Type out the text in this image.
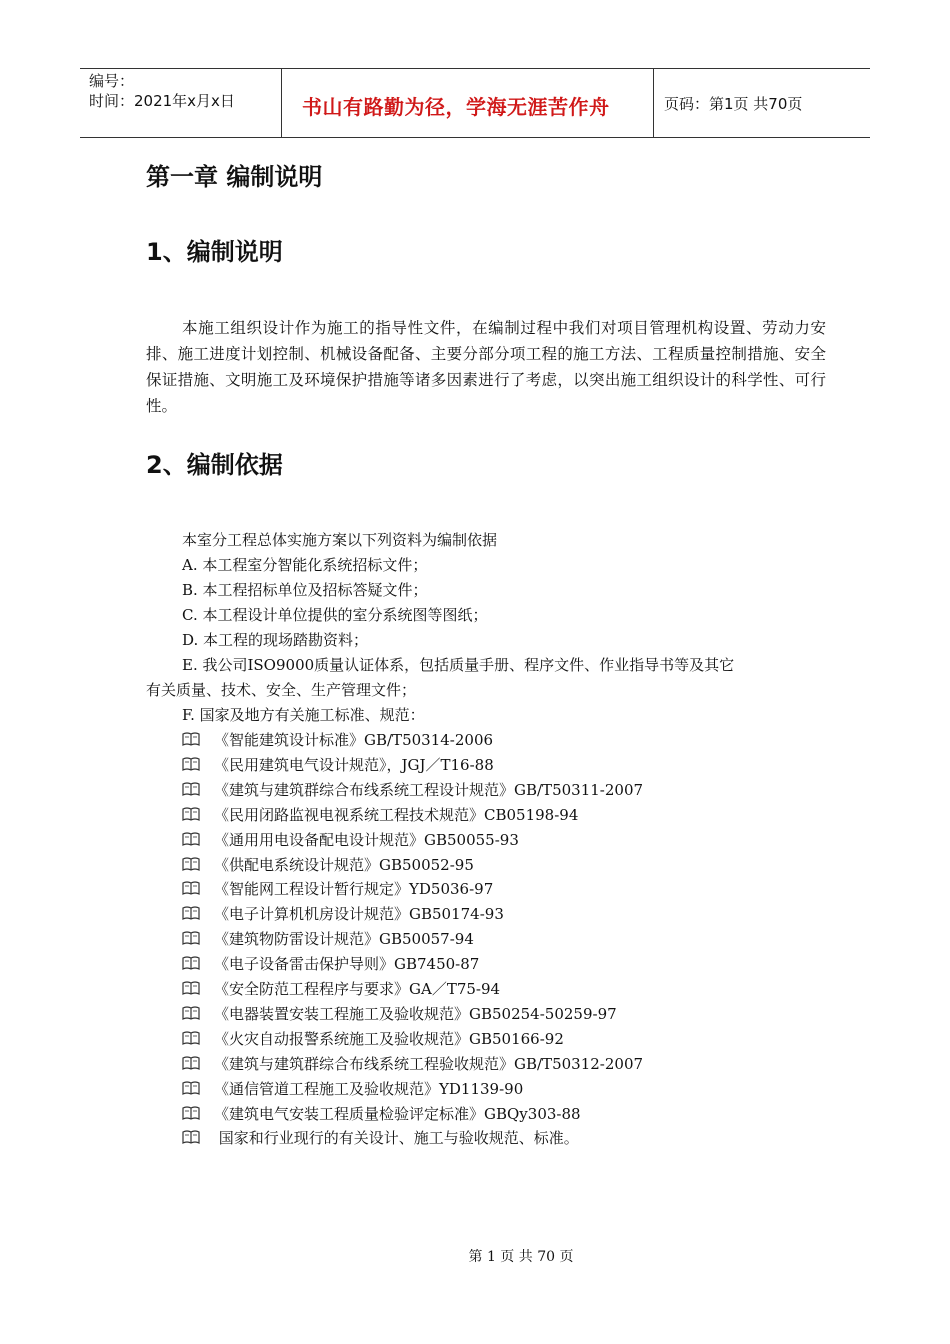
编号：
时间：2021年x月x日	书山有路勤为径，学海无涯苦作舟	页码：第1页 共70页
第一章 编制说明
1、编制说明
本施工组织设计作为施工的指导性文件，在编制过程中我们对项目管理机构设置、劳动力安排、施工进度计划控制、机械设备配备、主要分部分项工程的施工方法、工程质量控制措施、安全保证措施、文明施工及环境保护措施等诸多因素进行了考虑，以突出施工组织设计的科学性、可行性。
2、编制依据
本室分工程总体实施方案以下列资料为编制依据
A. 本工程室分智能化系统招标文件；
B. 本工程招标单位及招标答疑文件；
C. 本工程设计单位提供的室分系统图等图纸；
D. 本工程的现场踏勘资料；
E. 我公司ISO9000质量认证体系，包括质量手册、程序文件、作业指导书等及其它
有关质量、技术、安全、生产管理文件；
F. 国家及地方有关施工标准、规范：
《智能建筑设计标准》GB/T50314-2006
《民用建筑电气设计规范》，JGJ／T16-88
《建筑与建筑群综合布线系统工程设计规范》GB/T50311-2007
《民用闭路监视电视系统工程技术规范》CB05198-94
《通用用电设备配电设计规范》GB50055-93
《供配电系统设计规范》GB50052-95
《智能网工程设计暂行规定》YD5036-97
《电子计算机机房设计规范》GB50174-93
《建筑物防雷设计规范》GB50057-94
《电子设备雷击保护导则》GB7450-87
《安全防范工程程序与要求》GA／T75-94
《电器装置安装工程施工及验收规范》GB50254-50259-97
《火灾自动报警系统施工及验收规范》GB50166-92
《建筑与建筑群综合布线系统工程验收规范》GB/T50312-2007
《通信管道工程施工及验收规范》YD1139-90
《建筑电气安装工程质量检验评定标准》GBQy303-88
国家和行业现行的有关设计、施工与验收规范、标准。
第 1 页 共 70 页
